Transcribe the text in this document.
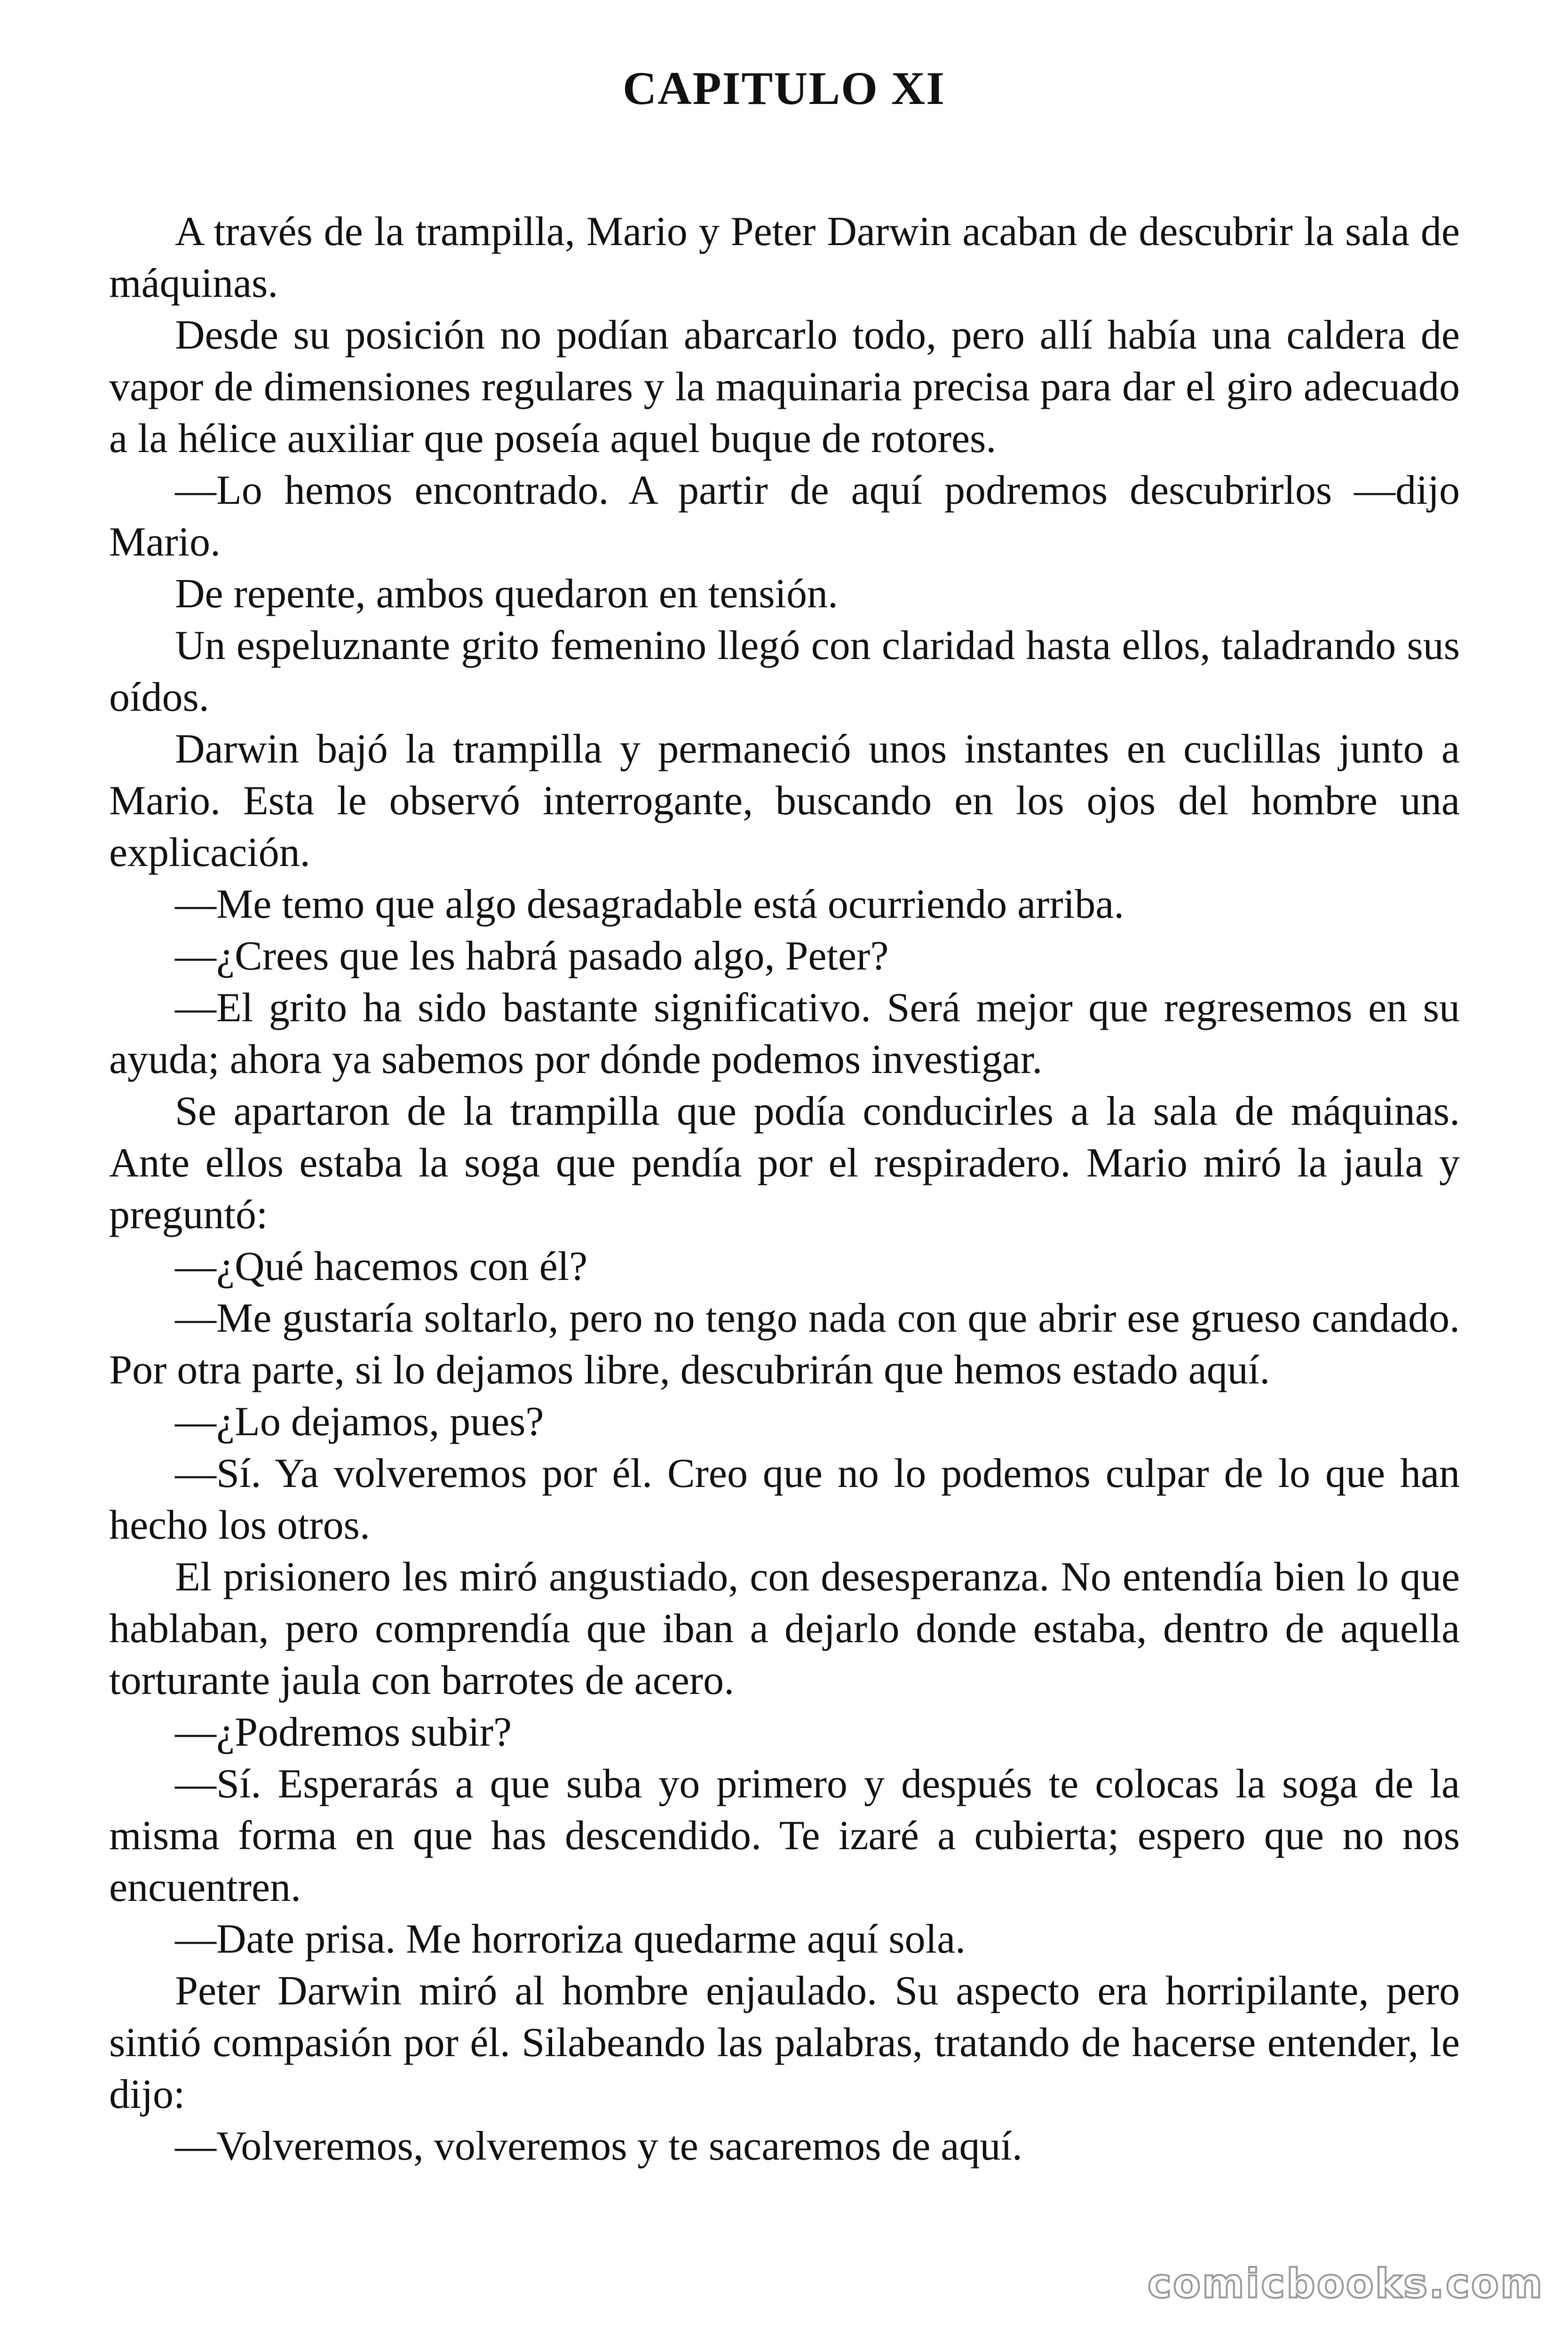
CAPITULO XI

A través de la trampilla, Mario y Peter Darwin acaban de descubrir la sala de máquinas.

Desde su posición no podían abarcarlo todo, pero allí había una caldera de vapor de dimensiones regulares y la maquinaria precisa para dar el giro adecuado a la hélice auxiliar que poseía aquel buque de rotores.

—Lo hemos encontrado. A partir de aquí podremos descubrirlos —dijo Mario.

De repente, ambos quedaron en tensión.

Un espeluznante grito femenino llegó con claridad hasta ellos, taladrando sus oídos.

Darwin bajó la trampilla y permaneció unos instantes en cuclillas junto a Mario. Esta le observó interrogante, buscando en los ojos del hombre una explicación.

—Me temo que algo desagradable está ocurriendo arriba.

—¿Crees que les habrá pasado algo, Peter?

—El grito ha sido bastante significativo. Será mejor que regresemos en su ayuda; ahora ya sabemos por dónde podemos investigar.

Se apartaron de la trampilla que podía conducirles a la sala de máquinas. Ante ellos estaba la soga que pendía por el respiradero. Mario miró la jaula y preguntó:

—¿Qué hacemos con él?

—Me gustaría soltarlo, pero no tengo nada con que abrir ese grueso candado. Por otra parte, si lo dejamos libre, descubrirán que hemos estado aquí.

—¿Lo dejamos, pues?

—Sí. Ya volveremos por él. Creo que no lo podemos culpar de lo que han hecho los otros.

El prisionero les miró angustiado, con desesperanza. No entendía bien lo que hablaban, pero comprendía que iban a dejarlo donde estaba, dentro de aquella torturante jaula con barrotes de acero.

—¿Podremos subir?

—Sí. Esperarás a que suba yo primero y después te colocas la soga de la misma forma en que has descendido. Te izaré a cubierta; espero que no nos encuentren.

—Date prisa. Me horroriza quedarme aquí sola.

Peter Darwin miró al hombre enjaulado. Su aspecto era horripilante, pero sintió compasión por él. Silabeando las palabras, tratando de hacerse entender, le dijo:

—Volveremos, volveremos y te sacaremos de aquí.

comicbooks.com
